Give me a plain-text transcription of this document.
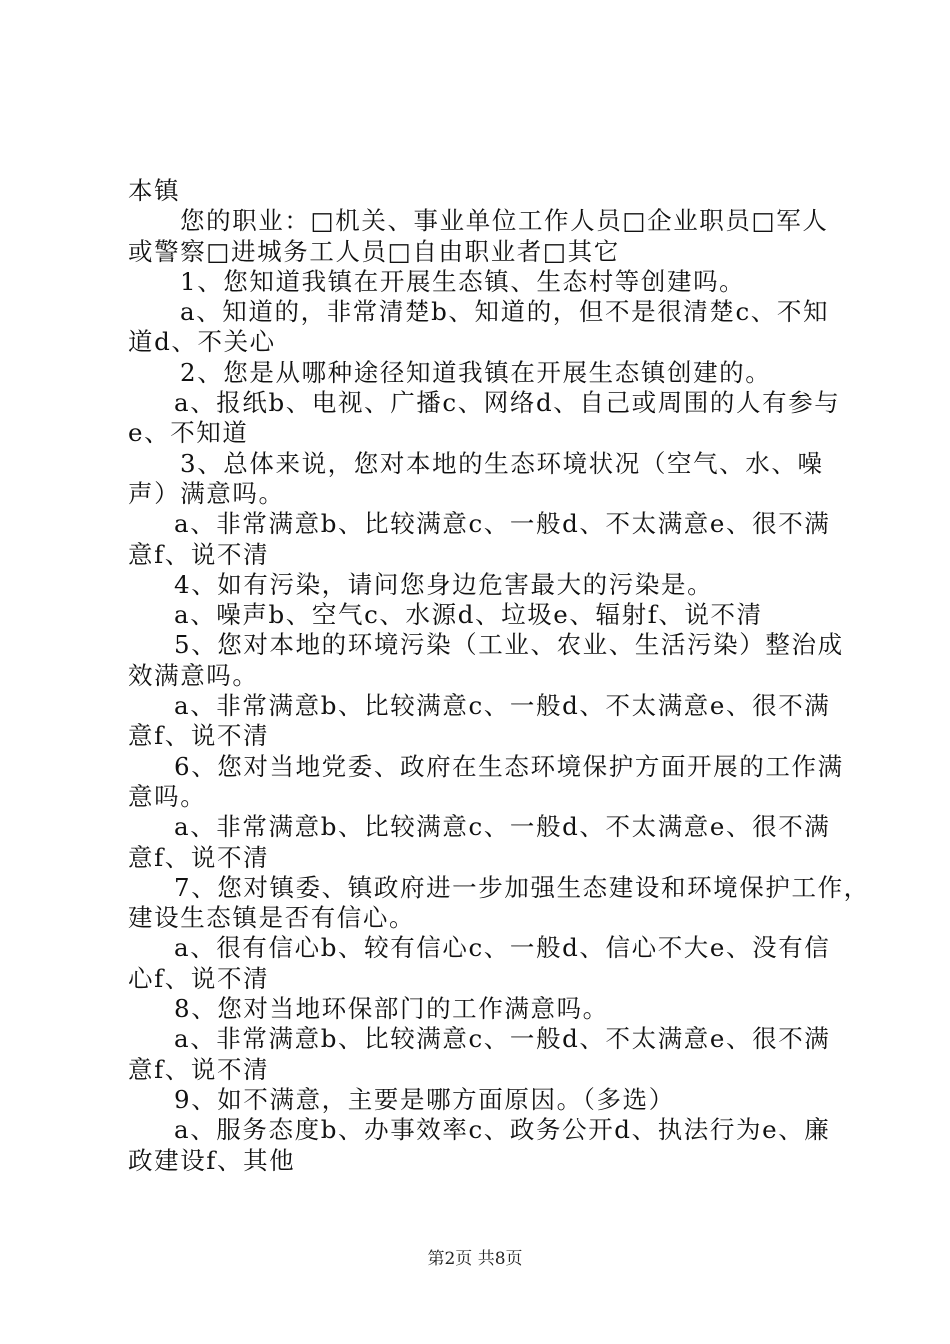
本镇
您的职业：□机关、事业单位工作人员□企业职员□军人
或警察□进城务工人员□自由职业者□其它
1、您知道我镇在开展生态镇、生态村等创建吗。
a、知道的，非常清楚b、知道的，但不是很清楚c、不知
道d、不关心
2、您是从哪种途径知道我镇在开展生态镇创建的。
a、报纸b、电视、广播c、网络d、自己或周围的人有参与
e、不知道
3、总体来说，您对本地的生态环境状况（空气、水、噪
声）满意吗。
a、非常满意b、比较满意c、一般d、不太满意e、很不满
意f、说不清
4、如有污染，请问您身边危害最大的污染是。
a、噪声b、空气c、水源d、垃圾e、辐射f、说不清
5、您对本地的环境污染（工业、农业、生活污染）整治成
效满意吗。
a、非常满意b、比较满意c、一般d、不太满意e、很不满
意f、说不清
6、您对当地党委、政府在生态环境保护方面开展的工作满
意吗。
a、非常满意b、比较满意c、一般d、不太满意e、很不满
意f、说不清
7、您对镇委、镇政府进一步加强生态建设和环境保护工作，
建设生态镇是否有信心。
a、很有信心b、较有信心c、一般d、信心不大e、没有信
心f、说不清
8、您对当地环保部门的工作满意吗。
a、非常满意b、比较满意c、一般d、不太满意e、很不满
意f、说不清
9、如不满意，主要是哪方面原因。（多选）
a、服务态度b、办事效率c、政务公开d、执法行为e、廉
政建设f、其他
第2页 共8页
